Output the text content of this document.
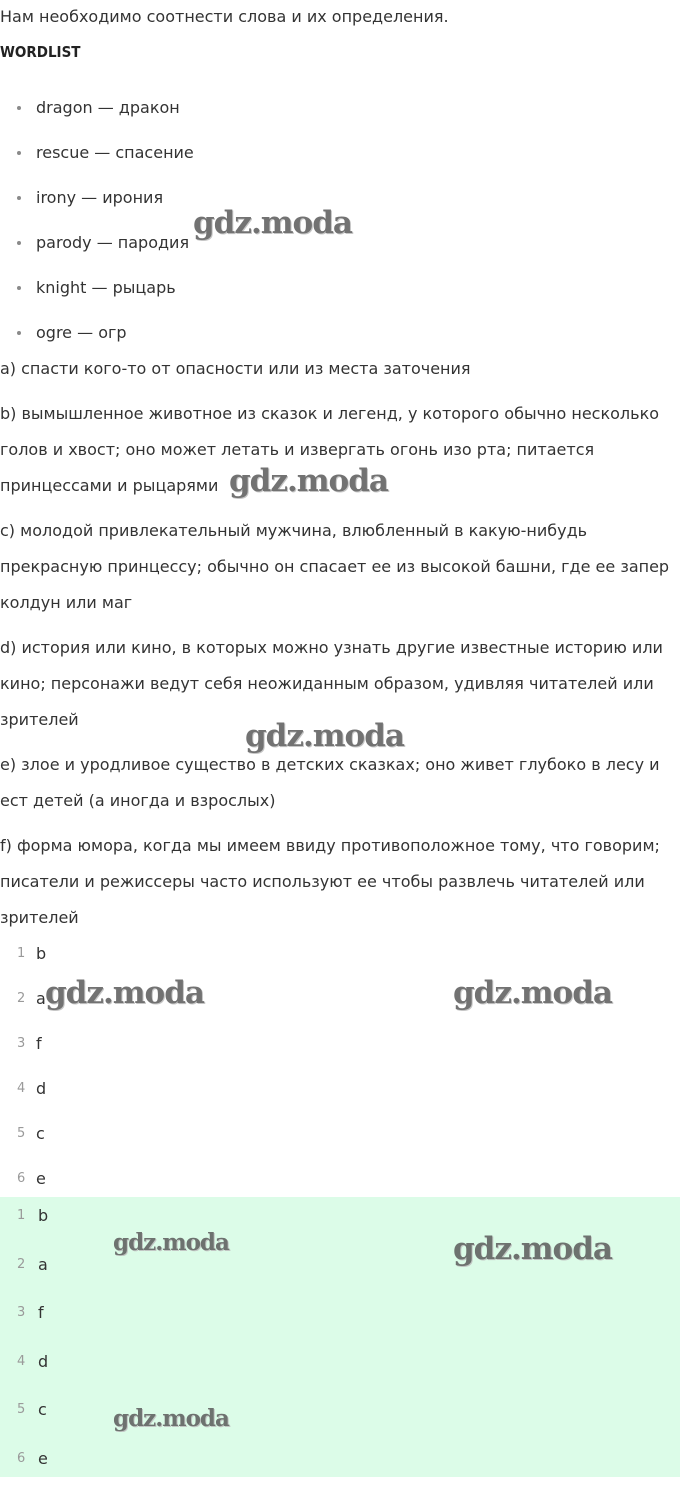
Нам необходимо соотнести слова и их определения.

WORDLIST
dragon — дракон
rescue — спасение
irony — ирония
parody — пародия
knight — рыцарь
ogre — огр

a) спасти кого-то от опасности или из места заточения

b) вымышленное животное из сказок и легенд, у которого обычно несколько
голов и хвост; оно может летать и извергать огонь изо рта; питается
принцессами и рыцарями

c) молодой привлекательный мужчина, влюбленный в какую-нибудь
прекрасную принцессу; обычно он спасает ее из высокой башни, где ее запер
колдун или маг

d) история или кино, в которых можно узнать другие известные историю или
кино; персонажи ведут себя неожиданным образом, удивляя читателей или
зрителей

e) злое и уродливое существо в детских сказках; оно живет глубоко в лесу и
ест детей (а иногда и взрослых)

f) форма юмора, когда мы имеем ввиду противоположное тому, что говорим;
писатели и режиссеры часто используют ее чтобы развлечь читателей или
зрителей

1 b
2 a
3 f
4 d
5 c
6 e
1 b
2 a
3 f
4 d
5 c
6 e
gdz.moda
gdz.moda
gdz.moda
gdz.moda	gdz.moda
gdz.moda	gdz.moda
gdz.moda
